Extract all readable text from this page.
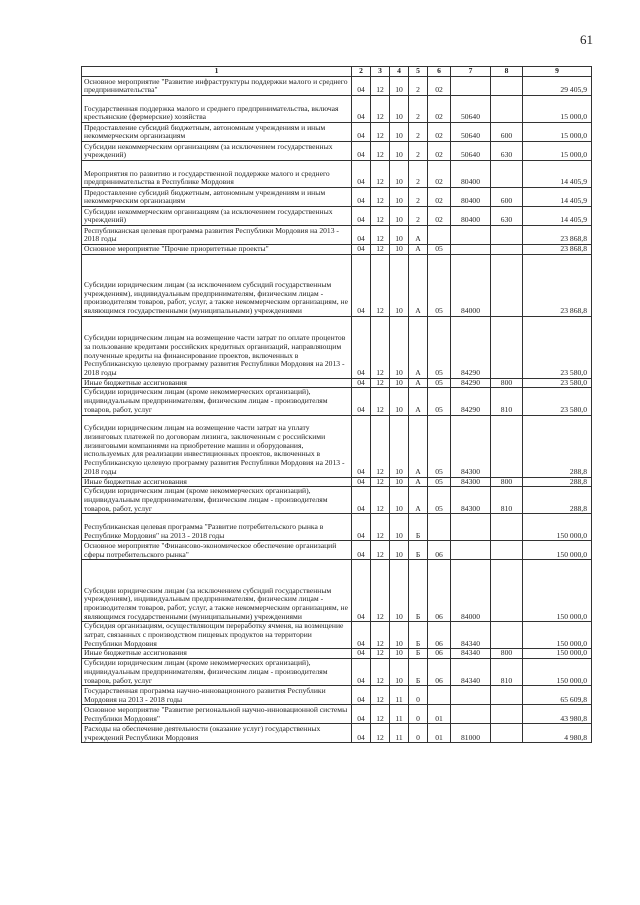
61
1	2	3	4	5	6	7	8	9
Основное мероприятие "Развитие инфраструктуры поддержки малого и среднего предпринимательства"	04	12	10	2	02			29 405,9
Государственная поддержка малого и среднего предпринимательства, включая крестьянские (фермерские) хозяйства	04	12	10	2	02	50640		15 000,0
Предоставление субсидий бюджетным, автономным учреждениям и иным некоммерческим организациям	04	12	10	2	02	50640	600	15 000,0
Субсидии некоммерческим организациям (за исключением государственных учреждений)	04	12	10	2	02	50640	630	15 000,0
Мероприятия по развитию и государственной поддержке малого и среднего предпринимательства в Республике Мордовия	04	12	10	2	02	80400		14 405,9
Предоставление субсидий бюджетным, автономным учреждениям и иным некоммерческим организациям	04	12	10	2	02	80400	600	14 405,9
Субсидии некоммерческим организациям (за исключением государственных учреждений)	04	12	10	2	02	80400	630	14 405,9
Республиканская целевая программа развития Республики Мордовия на 2013 - 2018 годы	04	12	10	А				23 868,8
Основное мероприятие "Прочие приоритетные проекты"	04	12	10	А	05			23 868,8
Субсидии юридическим лицам (за исключением субсидий государственным учреждениям), индивидуальным предпринимателям, физическим лицам - производителям товаров, работ, услуг, а также некоммерческим организациям, не являющимся государственными (муниципальными) учреждениями	04	12	10	А	05	84000		23 868,8
Субсидии юридическим лицам на возмещение части затрат по оплате процентов за пользование кредитами российских кредитных организаций, направляющим полученные кредиты на финансирование проектов, включенных в Республиканскую целевую программу развития Республики Мордовия на 2013 - 2018 годы	04	12	10	А	05	84290		23 580,0
Иные бюджетные ассигнования	04	12	10	А	05	84290	800	23 580,0
Субсидии юридическим лицам (кроме некоммерческих организаций), индивидуальным предпринимателям, физическим лицам - производителям товаров, работ, услуг	04	12	10	А	05	84290	810	23 580,0
Субсидии юридическим лицам на возмещение части затрат на уплату лизинговых платежей по договорам лизинга, заключенным с российскими лизинговыми компаниями на приобретение машин и оборудования, используемых для реализации инвестиционных проектов, включенных в Республиканскую целевую программу развития Республики Мордовия на 2013 - 2018 годы	04	12	10	А	05	84300		288,8
Иные бюджетные ассигнования	04	12	10	А	05	84300	800	288,8
Субсидии юридическим лицам (кроме некоммерческих организаций), индивидуальным предпринимателям, физическим лицам - производителям товаров, работ, услуг	04	12	10	А	05	84300	810	288,8
Республиканская целевая программа "Развитие потребительского рынка в Республике Мордовия" на 2013 - 2018 годы	04	12	10	Б				150 000,0
Основное мероприятие "Финансово-экономическое обеспечение организаций сферы потребительского рынка"	04	12	10	Б	06			150 000,0
Субсидии юридическим лицам (за исключением субсидий государственным учреждениям), индивидуальным предпринимателям, физическим лицам - производителям товаров, работ, услуг, а также некоммерческим организациям, не являющимся государственными (муниципальными) учреждениями	04	12	10	Б	06	84000		150 000,0
Субсидия организациям, осуществляющим переработку ячменя, на возмещение затрат, связанных с производством пищевых продуктов на территории Республики Мордовия	04	12	10	Б	06	84340		150 000,0
Иные бюджетные ассигнования	04	12	10	Б	06	84340	800	150 000,0
Субсидии юридическим лицам (кроме некоммерческих организаций), индивидуальным предпринимателям, физическим лицам - производителям товаров, работ, услуг	04	12	10	Б	06	84340	810	150 000,0
Государственная программа научно-инновационного развития Республики Мордовия на 2013 - 2018 годы	04	12	11	0				65 609,8
Основное мероприятие "Развитие региональной научно-инновационной системы Республики Мордовия"	04	12	11	0	01			43 980,8
Расходы на обеспечение деятельности (оказание услуг) государственных учреждений Республики Мордовия	04	12	11	0	01	81000		4 980,8
